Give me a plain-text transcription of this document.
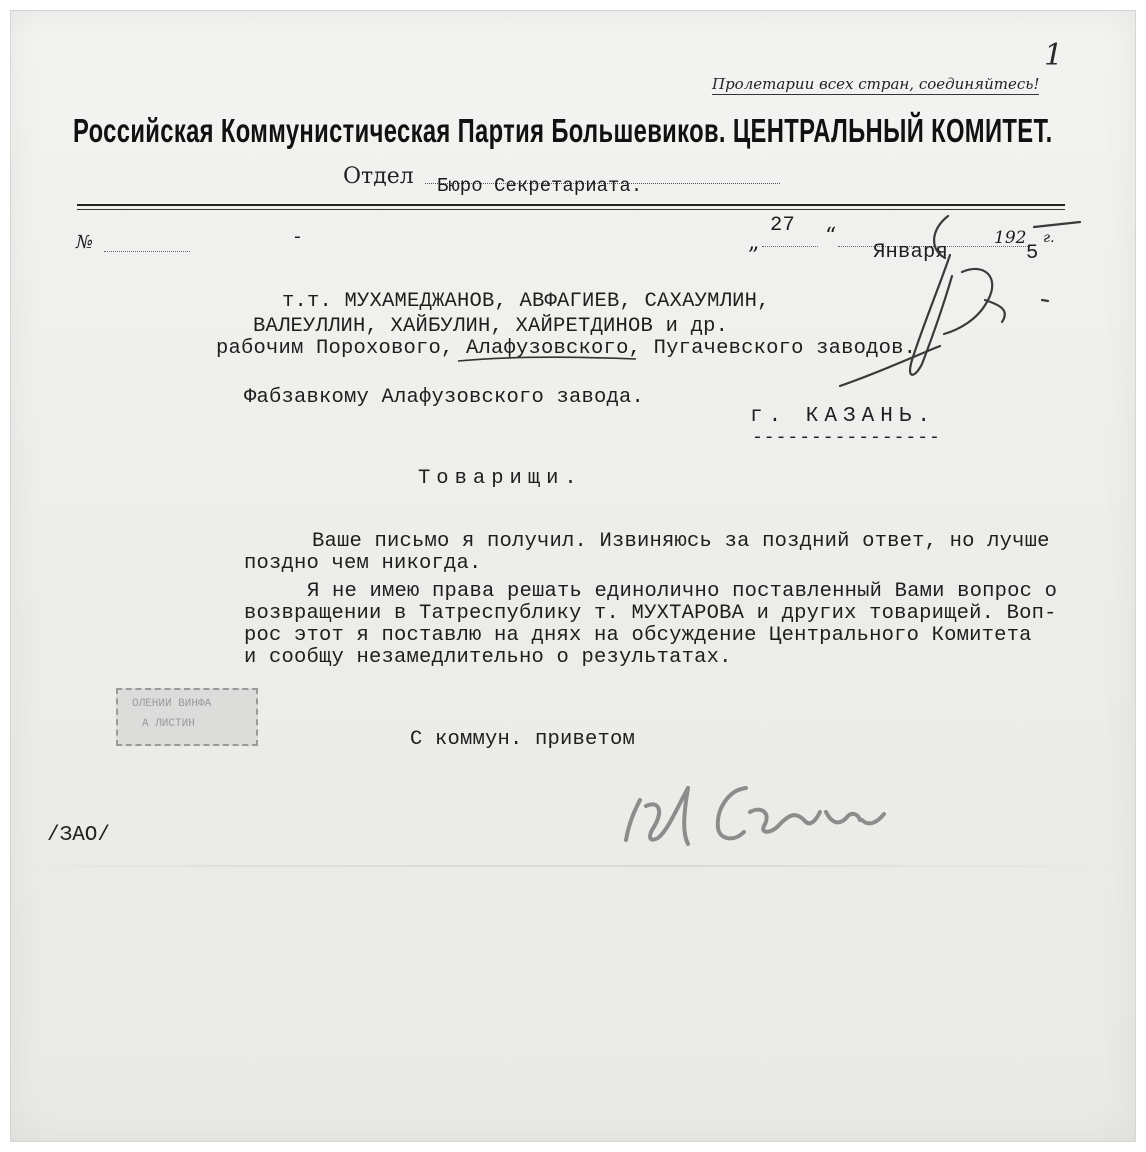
1
Пролетарии всех стран, соединяйтесь!
Российская Коммунистическая Партия Большевиков. ЦЕНТРАЛЬНЫЙ КОМИТЕТ.
Отдел Бюро Секретариата.
№	-	„
27 “
Января
192
5
г.
т.т. МУХАМЕДЖАНОВ, АВФАГИЕВ, САХАУМЛИН,
ВАЛЕУЛЛИН, ХАЙБУЛИН, ХАЙРЕТДИНОВ и др.
рабочим Порохового, Алафузовского, Пугачевского заводов.
Фабзавкому Алафузовского завода.
г. КАЗАНЬ.
----------------
Товарищи.
Ваше письмо я получил. Извиняюсь за поздний ответ, но лучше
поздно чем никогда.
Я не имею права решать единолично поставленный Вами вопрос о
возвращении в Татреспублику т. МУХТАРОВА и других товарищей. Воп-
рос этот я поставлю на днях на обсуждение Центрального Комитета
и сообщу незамедлительно о результатах.
С коммун. приветом
ОЛЕНИИ ВИНФА
А ЛИСТИН
/ЗАО/
